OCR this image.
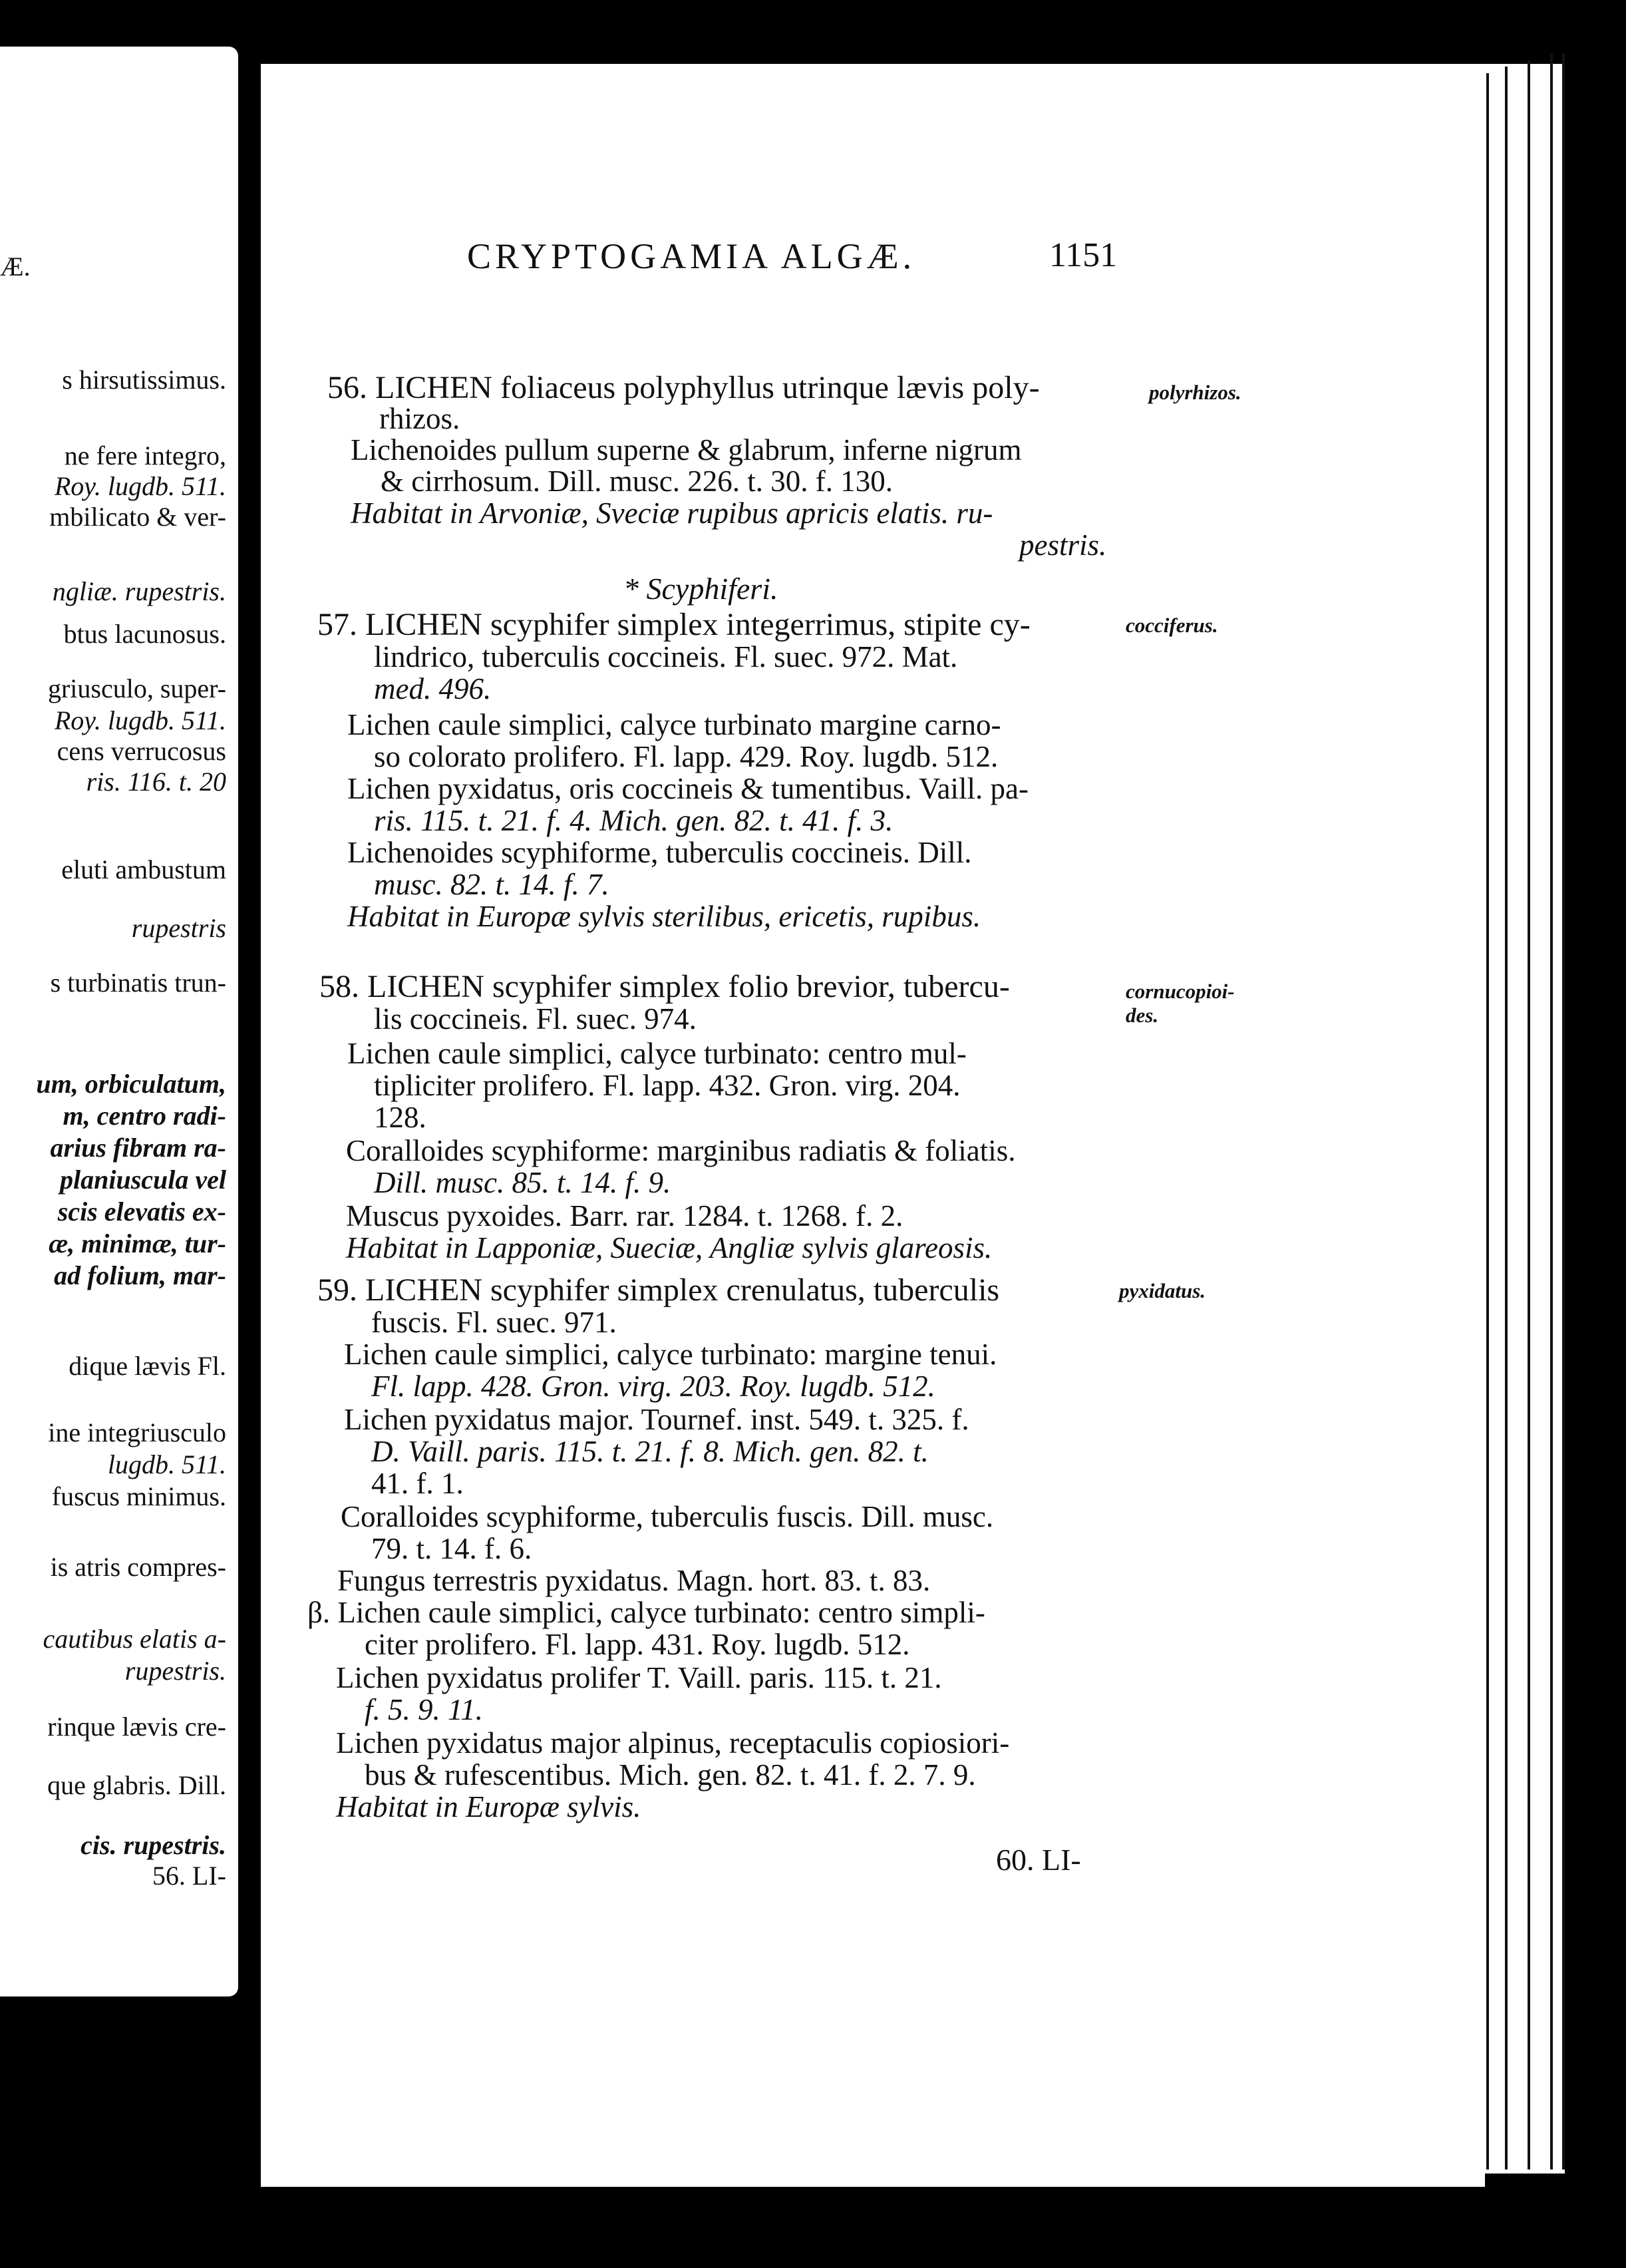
Æ.
s hirsutissimus.
ne fere integro,
Roy. lugdb. 511.
mbilicato & ver-
ngliæ. rupestris.
btus lacunosus.
griusculo, super-
Roy. lugdb. 511.
cens verrucosus
ris. 116. t. 20
eluti ambustum
rupestris
s turbinatis trun-
um, orbiculatum,
m, centro radi-
arius fibram ra-
planiuscula vel
scis elevatis ex-
æ, minimæ, tur-
ad folium, mar-
dique lævis Fl.
ine integriusculo
lugdb. 511.
fuscus minimus.
is atris compres-
cautibus elatis a-
rupestris.
rinque lævis cre-
que glabris. Dill.
cis. rupestris.
56. LI-
CRYPTOGAMIA ALGÆ.	1151
polyrhizos.
56. LICHEN foliaceus polyphyllus utrinque lævis poly-
rhizos.
Lichenoides pullum superne & glabrum, inferne nigrum
& cirrhosum. Dill. musc. 226. t. 30. f. 130.
Habitat in Arvoniæ, Sveciæ rupibus apricis elatis. ru-
pestris.
* Scyphiferi.
cocciferus.
57. LICHEN scyphifer simplex integerrimus, stipite cy-
lindrico, tuberculis coccineis. Fl. suec. 972. Mat.
med. 496.
Lichen caule simplici, calyce turbinato margine carno-
so colorato prolifero. Fl. lapp. 429. Roy. lugdb. 512.
Lichen pyxidatus, oris coccineis & tumentibus. Vaill. pa-
ris. 115. t. 21. f. 4. Mich. gen. 82. t. 41. f. 3.
Lichenoides scyphiforme, tuberculis coccineis. Dill.
musc. 82. t. 14. f. 7.
Habitat in Europæ sylvis sterilibus, ericetis, rupibus.
cornucopioi-
des.
58. LICHEN scyphifer simplex folio brevior, tubercu-
lis coccineis. Fl. suec. 974.
Lichen caule simplici, calyce turbinato: centro mul-
tipliciter prolifero. Fl. lapp. 432. Gron. virg. 204.
128.
Coralloides scyphiforme: marginibus radiatis & foliatis.
Dill. musc. 85. t. 14. f. 9.
Muscus pyxoides. Barr. rar. 1284. t. 1268. f. 2.
Habitat in Lapponiæ, Sueciæ, Angliæ sylvis glareosis.
pyxidatus.
59. LICHEN scyphifer simplex crenulatus, tuberculis
fuscis. Fl. suec. 971.
Lichen caule simplici, calyce turbinato: margine tenui.
Fl. lapp. 428. Gron. virg. 203. Roy. lugdb. 512.
Lichen pyxidatus major. Tournef. inst. 549. t. 325. f.
D. Vaill. paris. 115. t. 21. f. 8. Mich. gen. 82. t.
41. f. 1.
Coralloides scyphiforme, tuberculis fuscis. Dill. musc.
79. t. 14. f. 6.
Fungus terrestris pyxidatus. Magn. hort. 83. t. 83.
β. Lichen caule simplici, calyce turbinato: centro simpli-
citer prolifero. Fl. lapp. 431. Roy. lugdb. 512.
Lichen pyxidatus prolifer T. Vaill. paris. 115. t. 21.
f. 5. 9. 11.
Lichen pyxidatus major alpinus, receptaculis copiosiori-
bus & rufescentibus. Mich. gen. 82. t. 41. f. 2. 7. 9.
Habitat in Europæ sylvis.
60. LI-
